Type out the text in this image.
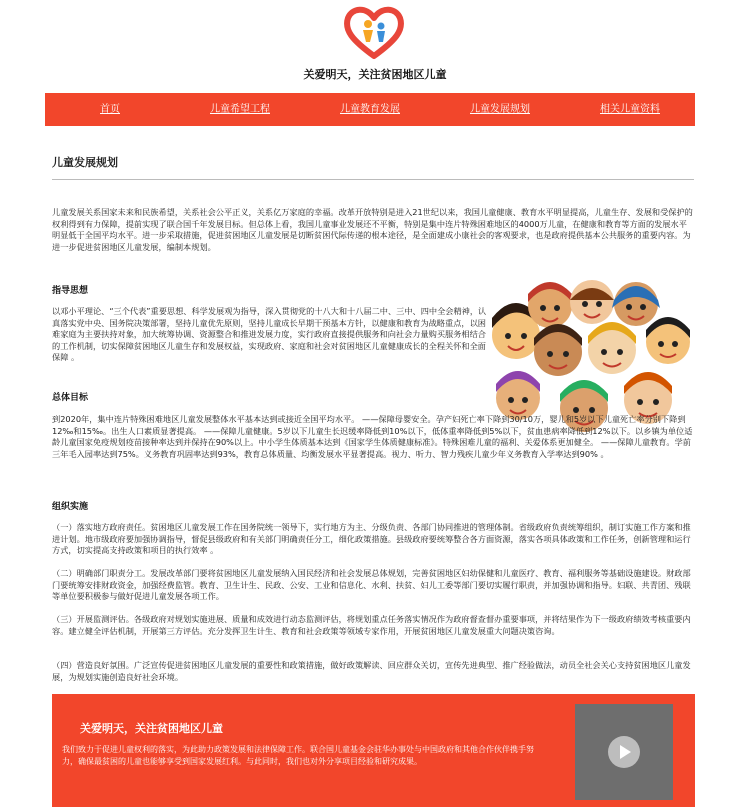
关爱明天，关注贫困地区儿童
首页	儿童希望工程	儿童教育发展	儿童发展规划	相关儿童资料
儿童发展规划
儿童发展关系国家未来和民族希望，关系社会公平正义，关系亿万家庭的幸福。改革开放特别是进入21世纪以来，我国儿童健康、教育水平明显提高，儿童生存、发展和受保护的权利得到有力保障，提前实现了联合国千年发展目标。但总体上看，我国儿童事业发展还不平衡，特别是集中连片特殊困难地区的4000万儿童，在健康和教育等方面的发展水平明显低于全国平均水平。进一步采取措施，促进贫困地区儿童发展是切断贫困代际传递的根本途径，是全面建成小康社会的客观要求，也是政府提供基本公共服务的重要内容。为进一步促进贫困地区儿童发展，编制本规划。
指导思想
以邓小平理论、“三个代表”重要思想、科学发展观为指导，深入贯彻党的十八大和十八届二中、三中、四中全会精神，认真落实党中央、国务院决策部署，坚持儿童优先原则，坚持儿童成长早期干预基本方针，以健康和教育为战略重点，以困难家庭为主要扶持对象，加大统筹协调、资源整合和推进发展力度，实行政府直接提供服务和向社会力量购买服务相结合的工作机制，切实保障贫困地区儿童生存和发展权益，实现政府、家庭和社会对贫困地区儿童健康成长的全程关怀和全面保障 。
总体目标
到2020年，集中连片特殊困难地区儿童发展整体水平基本达到或接近全国平均水平。 ——保障母婴安全。孕产妇死亡率下降到30/10万，婴儿和5岁以下儿童死亡率分别下降到12‰和15‰。出生人口素质显著提高。 ——保障儿童健康。5岁以下儿童生长迟缓率降低到10%以下，低体重率降低到5%以下，贫血患病率降低到12%以下。以乡镇为单位适龄儿童国家免疫规划疫苗接种率达到并保持在90%以上。中小学生体质基本达到《国家学生体质健康标准》。特殊困难儿童的福利、关爱体系更加健全。 ——保障儿童教育。学前三年毛入园率达到75%。义务教育巩固率达到93%，教育总体质量、均衡发展水平显著提高。视力、听力、智力残疾儿童少年义务教育入学率达到90% 。
组织实施
（一）落实地方政府责任。贫困地区儿童发展工作在国务院统一领导下，实行地方为主、分级负责、各部门协同推进的管理体制。省级政府负责统筹组织，制订实施工作方案和推进计划。地市级政府要加强协调指导，督促县级政府和有关部门明确责任分工，细化政策措施。县级政府要统筹整合各方面资源，落实各项具体政策和工作任务，创新管理和运行方式，切实提高支持政策和项目的执行效率 。
（二）明确部门职责分工。发展改革部门要将贫困地区儿童发展纳入国民经济和社会发展总体规划，完善贫困地区妇幼保健和儿童医疗、教育、福利服务等基础设施建设。财政部门要统筹安排财政资金，加强经费监管。教育、卫生计生、民政、公安、工业和信息化、水利、扶贫、妇儿工委等部门要切实履行职责，并加强协调和指导。妇联、共青团、残联等单位要积极参与做好促进儿童发展各项工作。
（三）开展监测评估。各级政府对规划实施进展、质量和成效进行动态监测评估，将规划重点任务落实情况作为政府督查督办重要事项，并将结果作为下一级政府绩效考核重要内容。建立健全评估机制，开展第三方评估。充分发挥卫生计生、教育和社会政策等领域专家作用，开展贫困地区儿童发展重大问题决策咨询。
（四）营造良好氛围。广泛宣传促进贫困地区儿童发展的重要性和政策措施，做好政策解读、回应群众关切，宣传先进典型、推广经验做法，动员全社会关心支持贫困地区儿童发展，为规划实施创造良好社会环境。
关爱明天，关注贫困地区儿童
我们致力于促进儿童权利的落实，为此助力政策发展和法律保障工作。联合国儿童基金会驻华办事处与中国政府和其他合作伙伴携手努力，确保最贫困的儿童也能够享受到国家发展红利。与此同时，我们也对外分享项目经验和研究成果。
